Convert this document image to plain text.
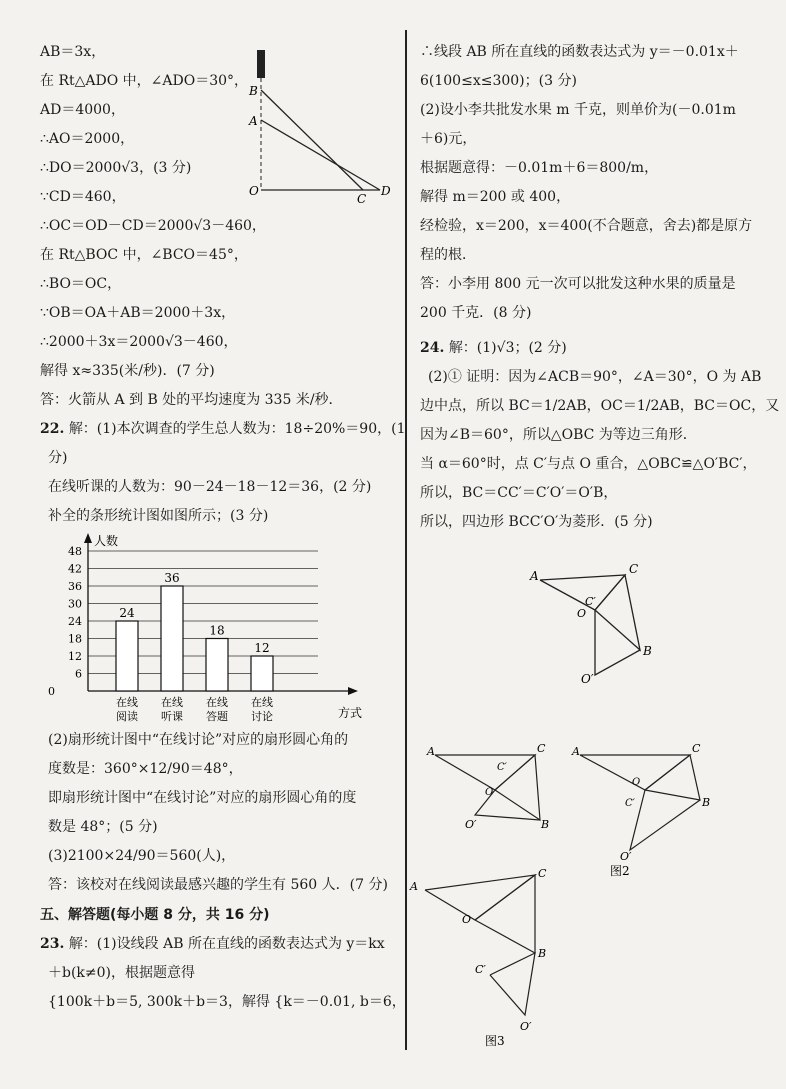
AB＝3x，
在 Rt△ADO 中，∠ADO＝30°，
AD＝4000，
∴AO＝2000，
∴DO＝2000√3，(3 分)
∵CD＝460，
∴OC＝OD－CD＝2000√3－460，
在 Rt△BOC 中，∠BCO＝45°，
∴BO＝OC，
∵OB＝OA＋AB＝2000＋3x，
∴2000＋3x＝2000√3－460，
解得 x≈335(米/秒)．(7 分)
答：火箭从 A 到 B 处的平均速度为 335 米/秒．
22. 解：(1)本次调查的学生总人数为：18÷20%＝90，(1
分)
在线听课的人数为：90－24－18－12＝36，(2 分)
补全的条形统计图如图所示；(3 分)
6
12
18
24
30
36
42
48
0
人数
方式
24
在线
阅读
36
在线
听课
18
在线
答题
12
在线
讨论
(2)扇形统计图中“在线讨论”对应的扇形圆心角的
度数是：360°×12/90＝48°，
即扇形统计图中“在线讨论”对应的扇形圆心角的度
数是 48°；(5 分)
(3)2100×24/90＝560(人)，
答：该校对在线阅读最感兴趣的学生有 560 人．(7 分)
五、解答题(每小题 8 分，共 16 分)
23. 解：(1)设线段 AB 所在直线的函数表达式为 y＝kx
＋b(k≠0)，根据题意得
{100k＋b＝5, 300k＋b＝3，解得 {k＝－0.01, b＝6，
B
A
O
C
D
∴线段 AB 所在直线的函数表达式为 y＝－0.01x＋
6(100≤x≤300)；(3 分)
(2)设小李共批发水果 m 千克，则单价为(－0.01m
＋6)元，
根据题意得：－0.01m＋6＝800/m，
解得 m＝200 或 400，
经检验，x＝200，x＝400(不合题意，舍去)都是原方
程的根．
答：小李用 800 元一次可以批发这种水果的质量是
200 千克．(8 分)
24. 解：(1)√3；(2 分)
(2)① 证明：因为∠ACB＝90°，∠A＝30°，O 为 AB
边中点，所以 BC＝1/2AB，OC＝1/2AB，BC＝OC，又
因为∠B＝60°，所以△OBC 为等边三角形．
当 α＝60°时，点 C′与点 O 重合，△OBC≌△O′BC′，
所以，BC＝CC′＝C′O′＝O′B，
所以，四边形 BCC′O′为菱形．(5 分)
A	C
C′
O
B
O′
A	C
C′
O
B
O′
A	C
C′
O
B
O′
图2
A
C
C′
O
B
O′
图3
